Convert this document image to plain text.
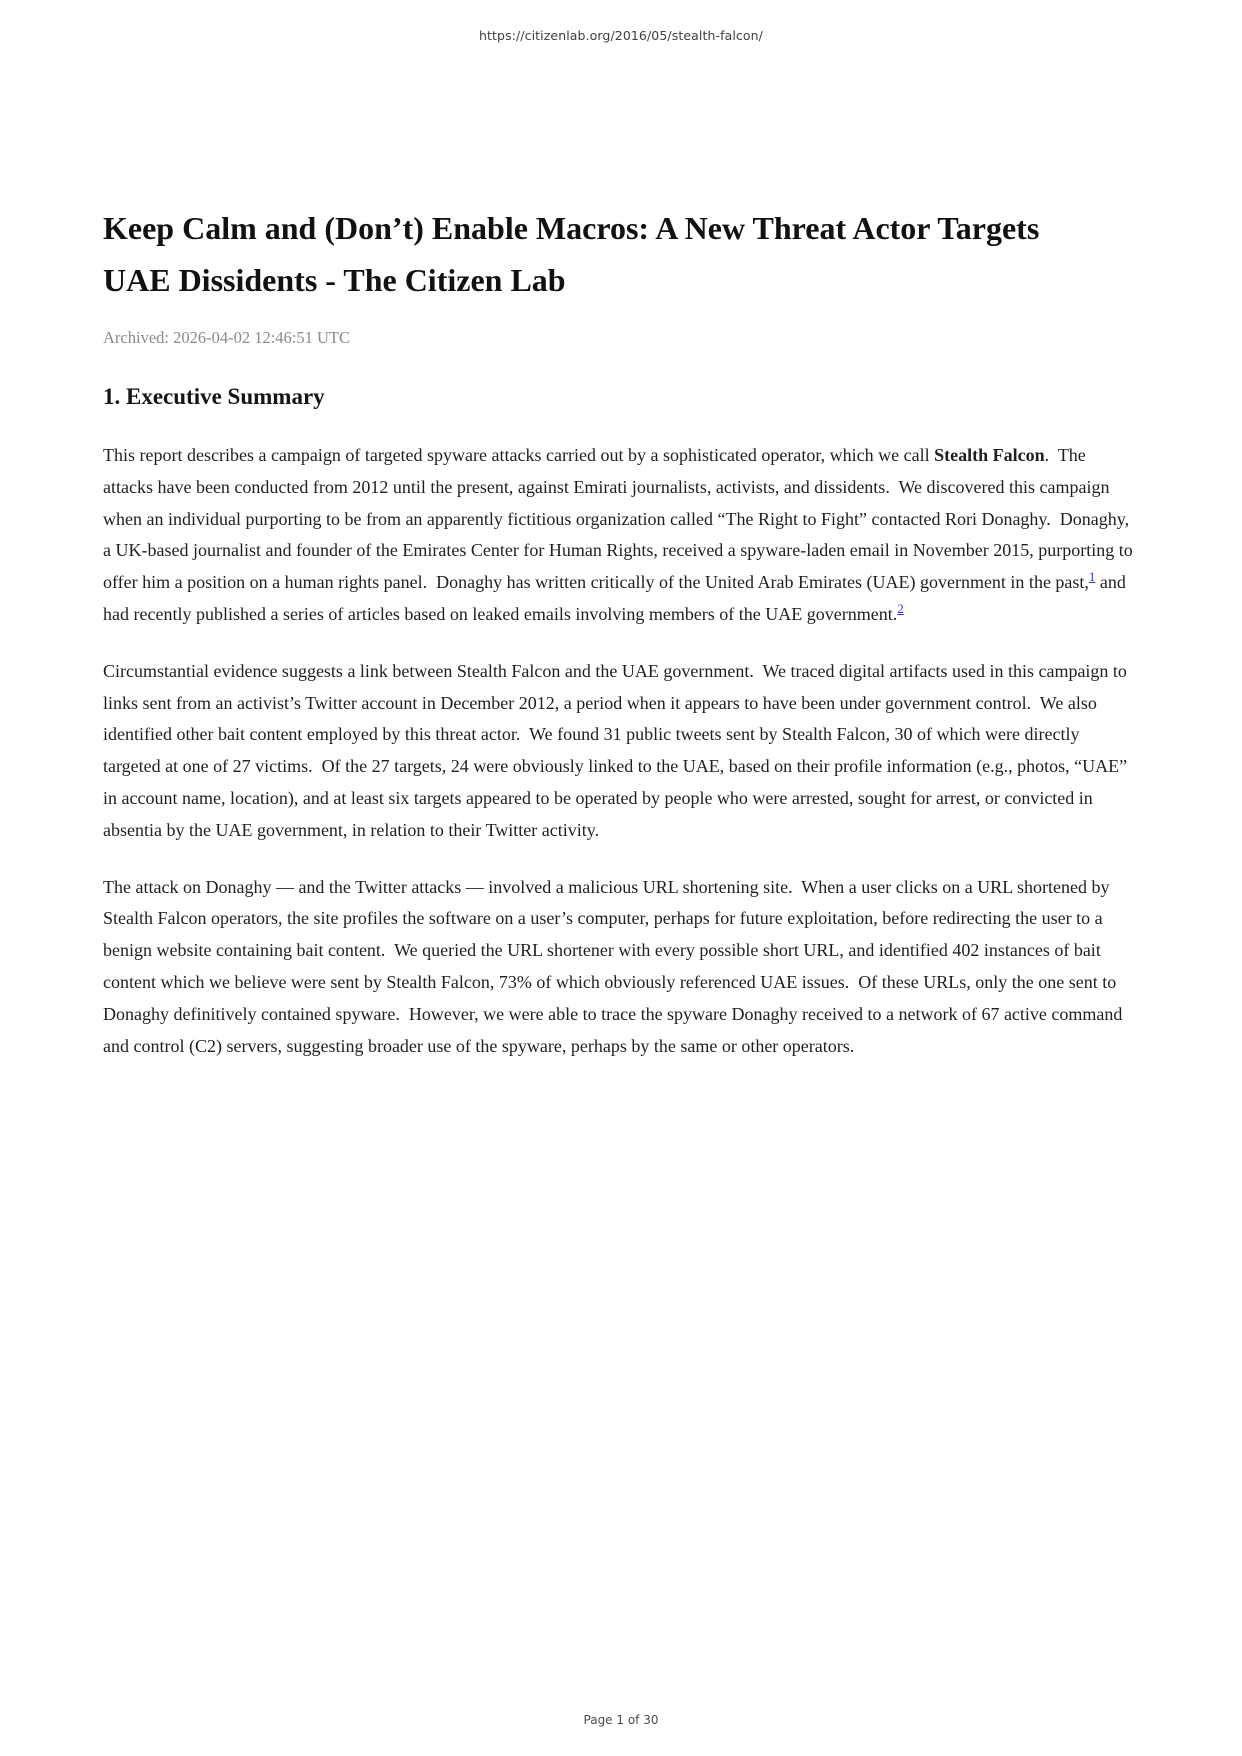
https://citizenlab.org/2016/05/stealth-falcon/
Keep Calm and (Don’t) Enable Macros: A New Threat Actor Targets
UAE Dissidents - The Citizen Lab
Archived: 2026-04-02 12:46:51 UTC
1. Executive Summary

This report describes a campaign of targeted spyware attacks carried out by a sophisticated operator, which we call Stealth Falcon.  The attacks have been conducted from 2012 until the present, against Emirati journalists, activists, and dissidents.  We discovered this campaign when an individual purporting to be from an apparently fictitious organization called “The Right to Fight” contacted Rori Donaghy.  Donaghy, a UK-based journalist and founder of the Emirates Center for Human Rights, received a spyware-laden email in November 2015, purporting to offer him a position on a human rights panel.  Donaghy has written critically of the United Arab Emirates (UAE) government in the past,$^1$ and had recently published a series of articles based on leaked emails involving members of the UAE government.$^2$

Circumstantial evidence suggests a link between Stealth Falcon and the UAE government.  We traced digital artifacts used in this campaign to links sent from an activist’s Twitter account in December 2012, a period when it appears to have been under government control.  We also identified other bait content employed by this threat actor.  We found 31 public tweets sent by Stealth Falcon, 30 of which were directly targeted at one of 27 victims.  Of the 27 targets, 24 were obviously linked to the UAE, based on their profile information (e.g., photos, “UAE” in account name, location), and at least six targets appeared to be operated by people who were arrested, sought for arrest, or convicted in absentia by the UAE government, in relation to their Twitter activity.

The attack on Donaghy — and the Twitter attacks — involved a malicious URL shortening site.  When a user clicks on a URL shortened by Stealth Falcon operators, the site profiles the software on a user’s computer, perhaps for future exploitation, before redirecting the user to a benign website containing bait content.  We queried the URL shortener with every possible short URL, and identified 402 instances of bait content which we believe were sent by Stealth Falcon, 73% of which obviously referenced UAE issues.  Of these URLs, only the one sent to Donaghy definitively contained spyware.  However, we were able to trace the spyware Donaghy received to a network of 67 active command and control (C2) servers, suggesting broader use of the spyware, perhaps by the same or other operators.

Page 1 of 30
